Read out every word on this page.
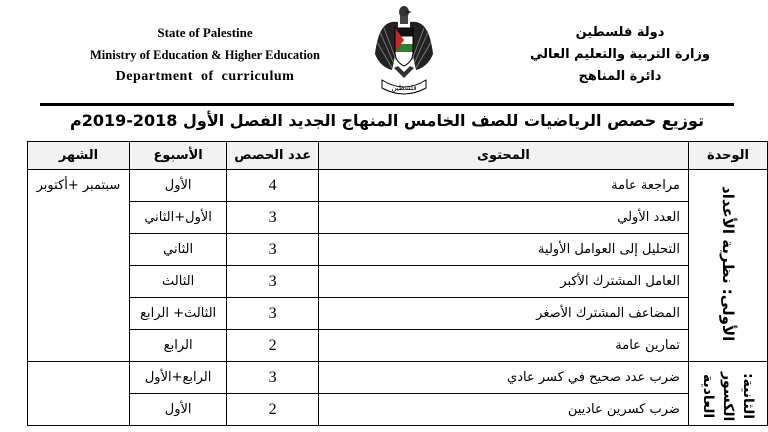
State of Palestine
Ministry of Education & Higher Education
Department of curriculum
فلسطين
دولة فلسطين
وزارة التربية والتعليم العالي
دائرة المناهج
توزيع حصص الرياضيات للصف الخامس المنهاج الجديد الفصل الأول 2018-2019م
الشهر	الأسبوع	عدد الحصص	المحتوى	الوحدة
سبتمبر +أكتوبر	الأول	4	مراجعة عامة	الأولى: نظرية الأعداد
	الأول+الثاني	3	العدد الأولي	
	الثاني	3	التحليل إلى العوامل الأولية	
	الثالث	3	العامل المشترك الأكبر	
	الثالث+ الرابع	3	المضاعف المشترك الأصغر	
	الرابع	2	تمارين عامة	
	الرابع+الأول	3	ضرب عدد صحيح في كسر عادي	الثانية: الكسور العادية
	الأول	2	ضرب كسرين عاديين	
